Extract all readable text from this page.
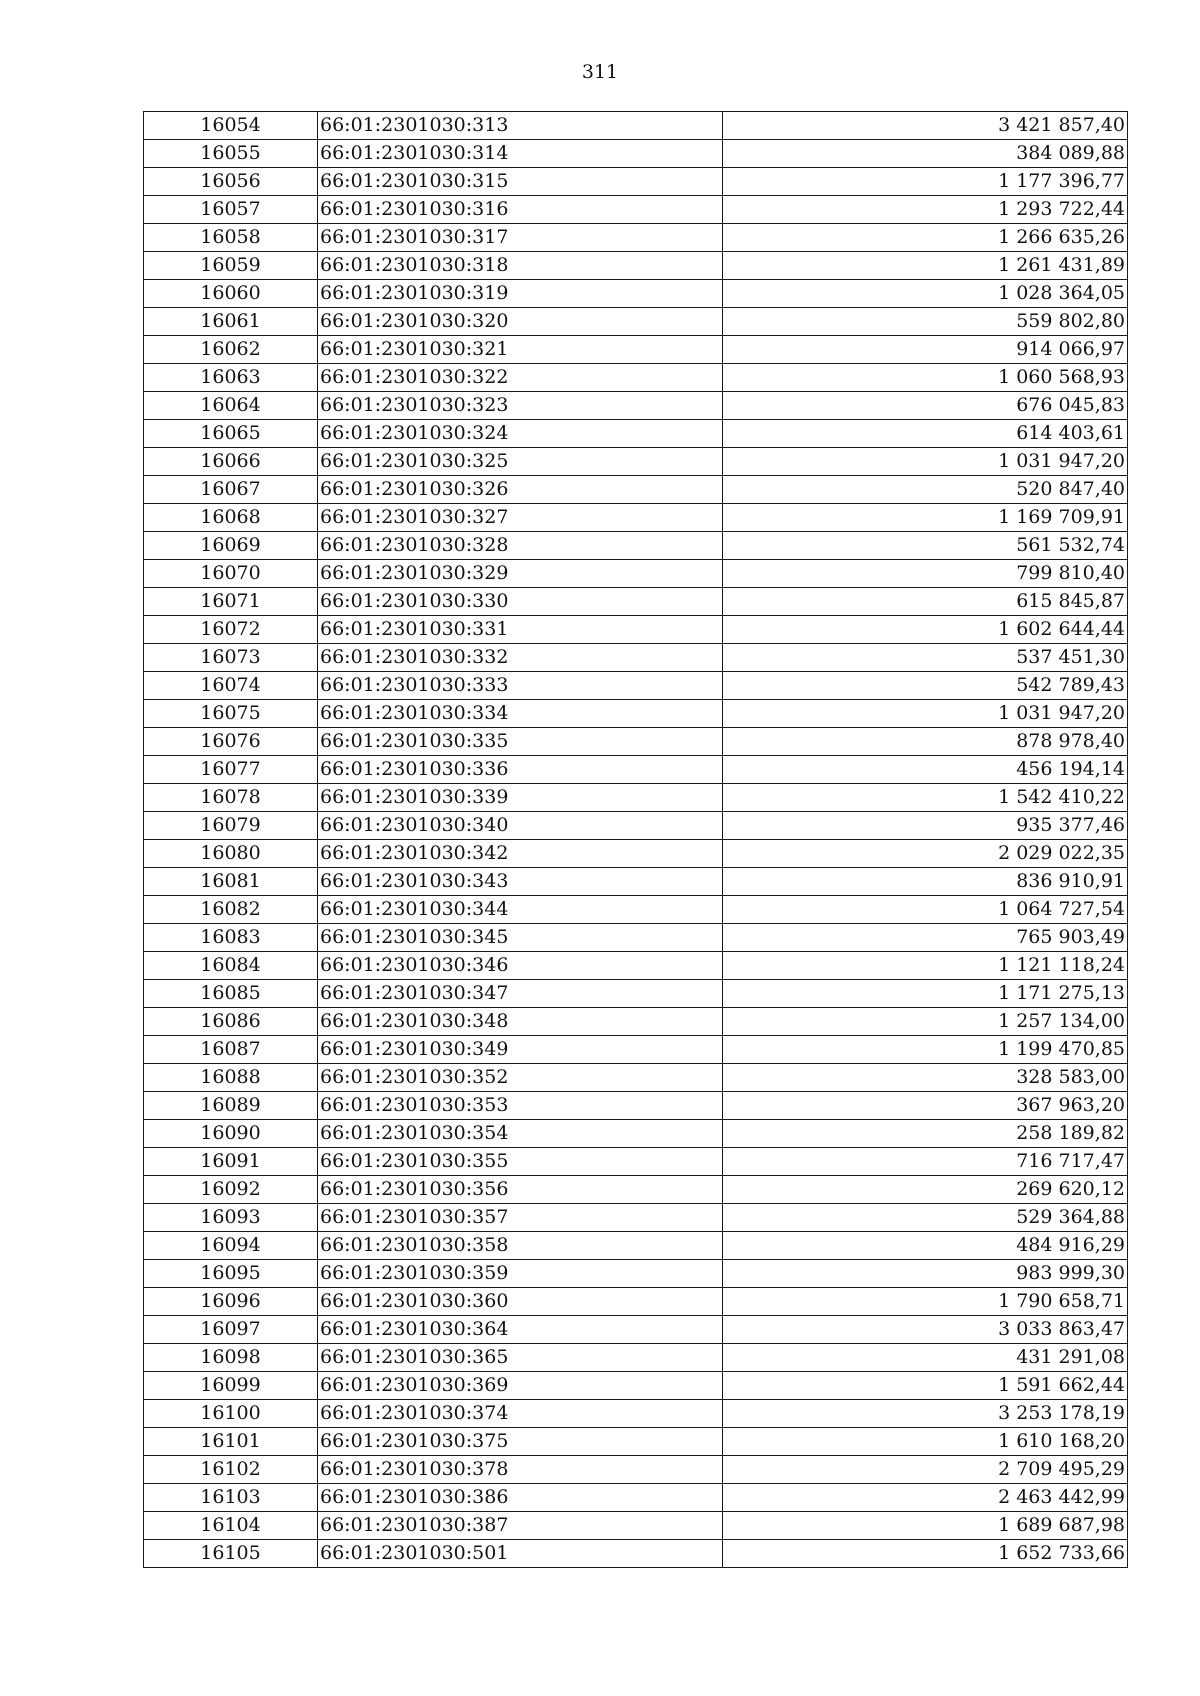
311
16054	66:01:2301030:313	3 421 857,40
16055	66:01:2301030:314	384 089,88
16056	66:01:2301030:315	1 177 396,77
16057	66:01:2301030:316	1 293 722,44
16058	66:01:2301030:317	1 266 635,26
16059	66:01:2301030:318	1 261 431,89
16060	66:01:2301030:319	1 028 364,05
16061	66:01:2301030:320	559 802,80
16062	66:01:2301030:321	914 066,97
16063	66:01:2301030:322	1 060 568,93
16064	66:01:2301030:323	676 045,83
16065	66:01:2301030:324	614 403,61
16066	66:01:2301030:325	1 031 947,20
16067	66:01:2301030:326	520 847,40
16068	66:01:2301030:327	1 169 709,91
16069	66:01:2301030:328	561 532,74
16070	66:01:2301030:329	799 810,40
16071	66:01:2301030:330	615 845,87
16072	66:01:2301030:331	1 602 644,44
16073	66:01:2301030:332	537 451,30
16074	66:01:2301030:333	542 789,43
16075	66:01:2301030:334	1 031 947,20
16076	66:01:2301030:335	878 978,40
16077	66:01:2301030:336	456 194,14
16078	66:01:2301030:339	1 542 410,22
16079	66:01:2301030:340	935 377,46
16080	66:01:2301030:342	2 029 022,35
16081	66:01:2301030:343	836 910,91
16082	66:01:2301030:344	1 064 727,54
16083	66:01:2301030:345	765 903,49
16084	66:01:2301030:346	1 121 118,24
16085	66:01:2301030:347	1 171 275,13
16086	66:01:2301030:348	1 257 134,00
16087	66:01:2301030:349	1 199 470,85
16088	66:01:2301030:352	328 583,00
16089	66:01:2301030:353	367 963,20
16090	66:01:2301030:354	258 189,82
16091	66:01:2301030:355	716 717,47
16092	66:01:2301030:356	269 620,12
16093	66:01:2301030:357	529 364,88
16094	66:01:2301030:358	484 916,29
16095	66:01:2301030:359	983 999,30
16096	66:01:2301030:360	1 790 658,71
16097	66:01:2301030:364	3 033 863,47
16098	66:01:2301030:365	431 291,08
16099	66:01:2301030:369	1 591 662,44
16100	66:01:2301030:374	3 253 178,19
16101	66:01:2301030:375	1 610 168,20
16102	66:01:2301030:378	2 709 495,29
16103	66:01:2301030:386	2 463 442,99
16104	66:01:2301030:387	1 689 687,98
16105	66:01:2301030:501	1 652 733,66
